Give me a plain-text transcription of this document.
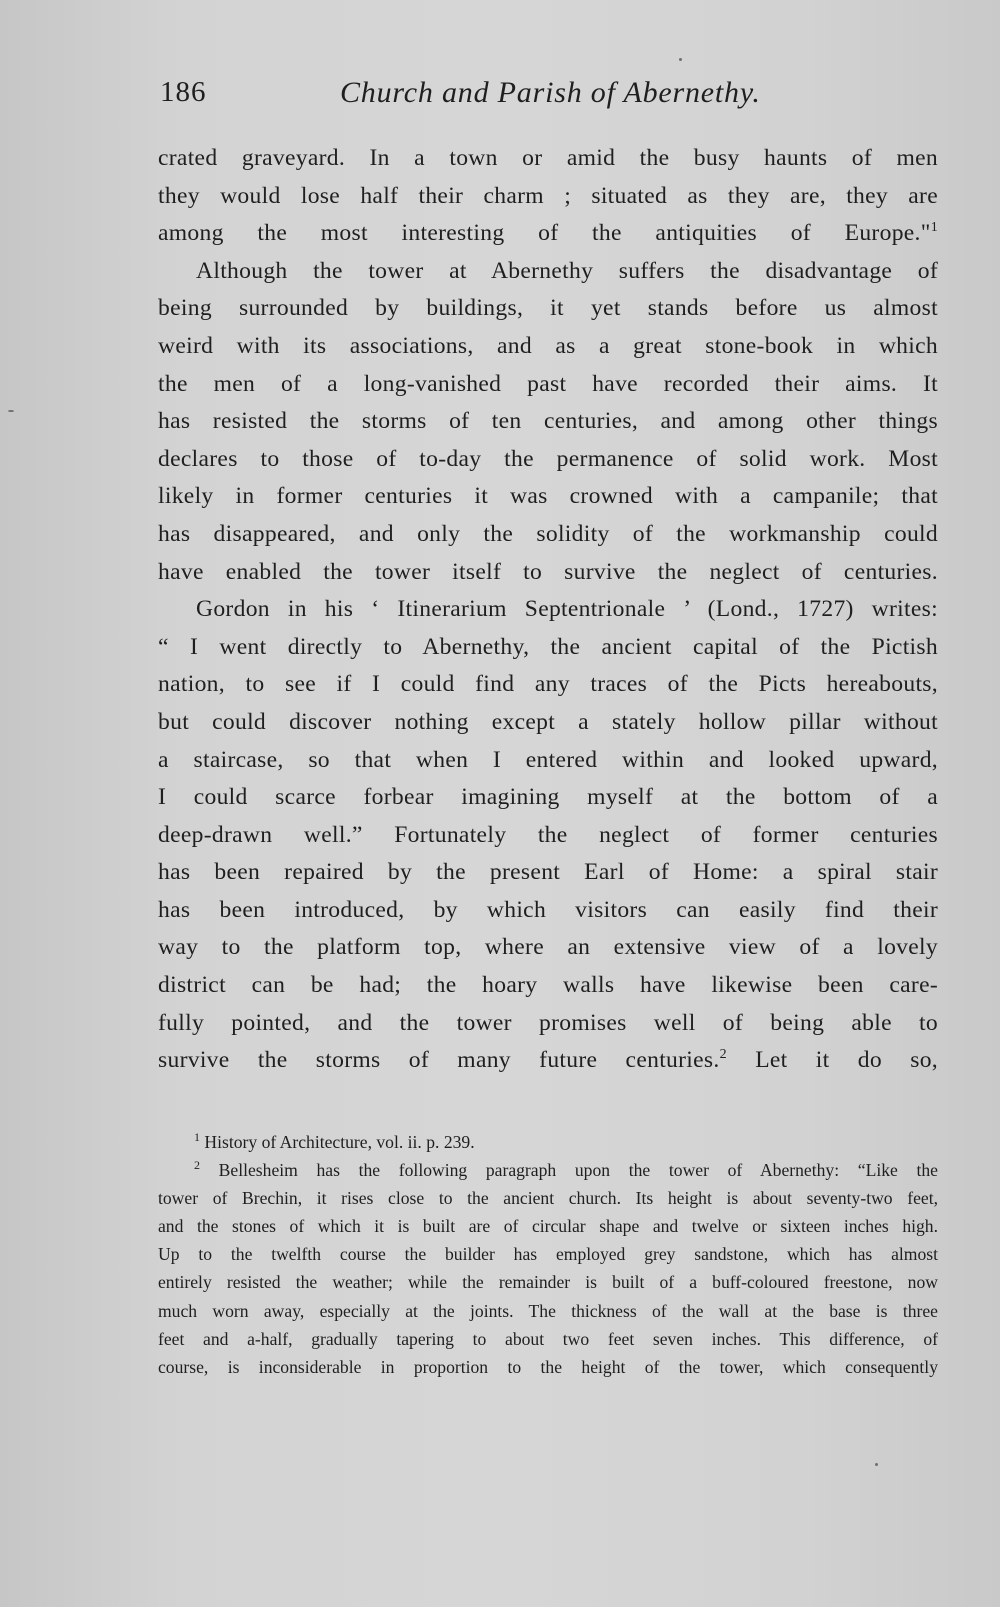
186	Church and Parish of Abernethy.
crated graveyard. In a town or amid the busy haunts of men
they would lose half their charm ; situated as they are, they are
among the most interesting of the antiquities of Europe."$^1$
Although the tower at Abernethy suffers the disadvantage of
being surrounded by buildings, it yet stands before us almost
weird with its associations, and as a great stone-book in which
the men of a long-vanished past have recorded their aims. It
has resisted the storms of ten centuries, and among other things
declares to those of to-day the permanence of solid work. Most
likely in former centuries it was crowned with a campanile; that
has disappeared, and only the solidity of the workmanship could
have enabled the tower itself to survive the neglect of centuries.
Gordon in his ‘ Itinerarium Septentrionale ’ (Lond., 1727) writes:
“ I went directly to Abernethy, the ancient capital of the Pictish
nation, to see if I could find any traces of the Picts hereabouts,
but could discover nothing except a stately hollow pillar without
a staircase, so that when I entered within and looked upward,
I could scarce forbear imagining myself at the bottom of a
deep-drawn well.” Fortunately the neglect of former centuries
has been repaired by the present Earl of Home: a spiral stair
has been introduced, by which visitors can easily find their
way to the platform top, where an extensive view of a lovely
district can be had; the hoary walls have likewise been care-
fully pointed, and the tower promises well of being able to
survive the storms of many future centuries.$^2$ Let it do so,
$^1$ History of Architecture, vol. ii. p. 239.
$^2$ Bellesheim has the following paragraph upon the tower of Abernethy: “Like the
tower of Brechin, it rises close to the ancient church. Its height is about seventy-two feet,
and the stones of which it is built are of circular shape and twelve or sixteen inches high.
Up to the twelfth course the builder has employed grey sandstone, which has almost
entirely resisted the weather; while the remainder is built of a buff-coloured freestone, now
much worn away, especially at the joints. The thickness of the wall at the base is three
feet and a-half, gradually tapering to about two feet seven inches. This difference, of
course, is inconsiderable in proportion to the height of the tower, which consequently
